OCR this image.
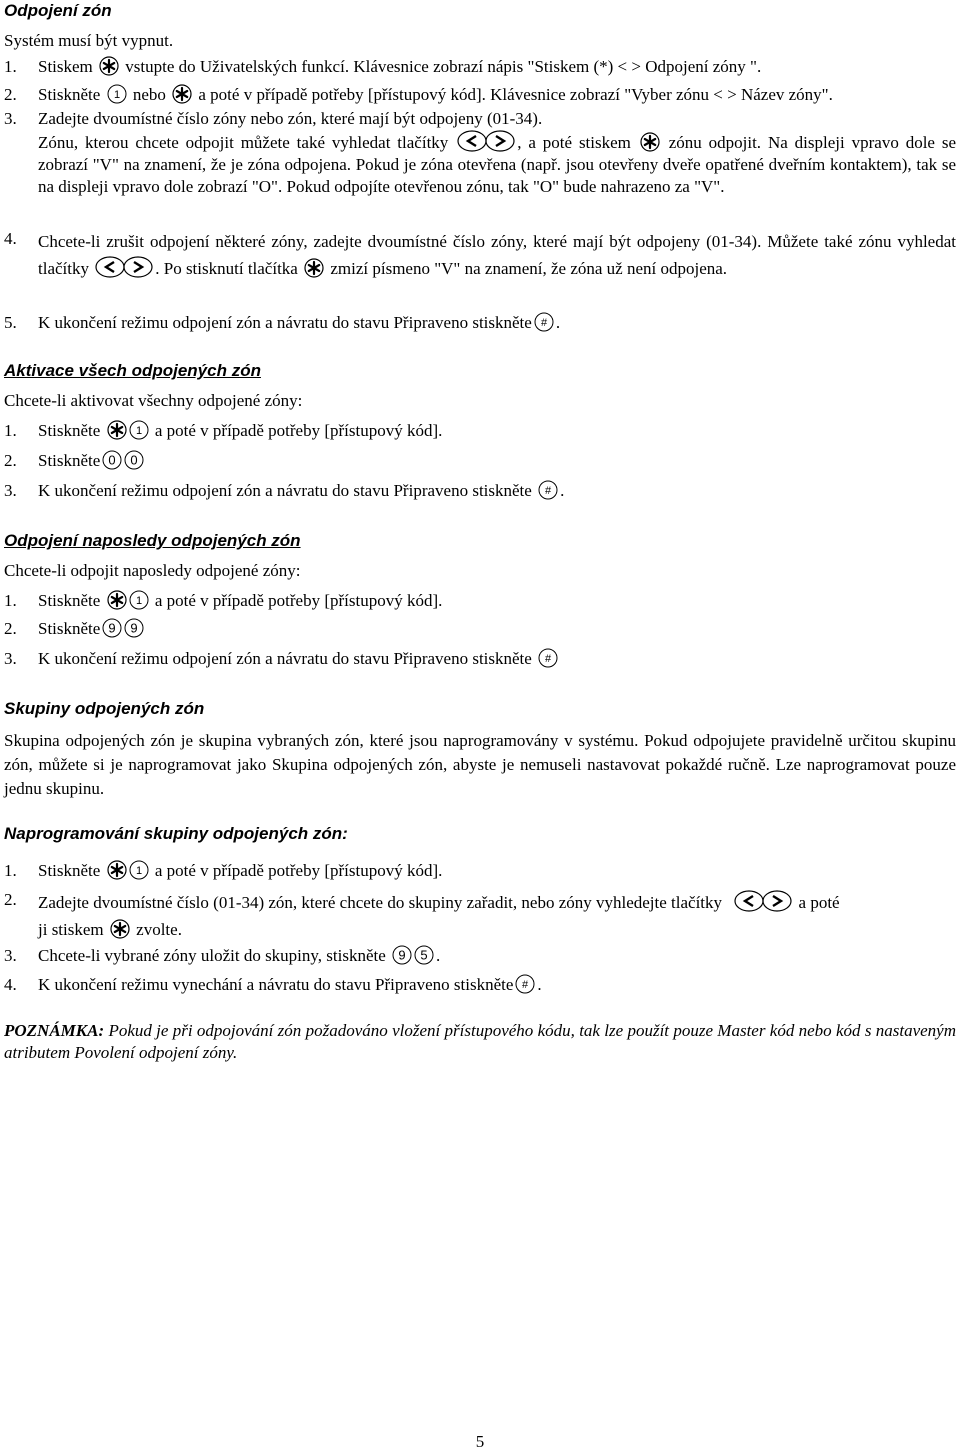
Odpojení zón
Systém musí být vypnut.
1. Stiskem vstupte do Uživatelských funkcí. Klávesnice zobrazí nápis "Stiskem (*) < > Odpojení zóny ".
2. Stiskněte 1 nebo a poté v případě potřeby [přístupový kód]. Klávesnice zobrazí "Vyber zónu < > Název zóny".
3. Zadejte dvoumístné číslo zóny nebo zón, které mají být odpojeny (01-34).
Zónu, kterou chcete odpojit můžete také vyhledat tlačítky	, a poté stiskem zónu odpojit. Na displeji vpravo dole se zobrazí "V" na znamení, že je zóna odpojena. Pokud je zóna otevřena (např. jsou otevřeny dveře opatřené dveřním kontaktem), tak se na displeji vpravo dole zobrazí "O". Pokud odpojíte otevřenou zónu, tak "O" bude nahrazeno za "V".
4. Chcete-li zrušit odpojení některé zóny, zadejte dvoumístné číslo zóny, které mají být odpojeny (01-34). Můžete také zónu vyhledat tlačítky	. Po stisknutí tlačítka zmizí písmeno "V" na znamení, že zóna už není odpojena.
5. K ukončení režimu odpojení zón a návratu do stavu Připraveno stiskněte # .
Aktivace všech odpojených zón
Chcete-li aktivovat všechny odpojené zóny:
1. Stiskněte	1 a poté v případě potřeby [přístupový kód].
2. Stiskněte 0 0
3. K ukončení režimu odpojení zón a návratu do stavu Připraveno stiskněte # .
Odpojení naposledy odpojených zón
Chcete-li odpojit naposledy odpojené zóny:
1. Stiskněte	1 a poté v případě potřeby [přístupový kód].
2. Stiskněte 9 9
3. K ukončení režimu odpojení zón a návratu do stavu Připraveno stiskněte #
Skupiny odpojených zón
Skupina odpojených zón je skupina vybraných zón, které jsou naprogramovány v systému. Pokud odpojujete pravidelně určitou skupinu zón, můžete si je naprogramovat jako Skupina odpojených zón, abyste je nemuseli nastavovat pokaždé ručně. Lze naprogramovat pouze jednu skupinu.
Naprogramování skupiny odpojených zón:
1. Stiskněte	1 a poté v případě potřeby [přístupový kód].
2. Zadejte dvoumístné číslo (01-34) zón, které chcete do skupiny zařadit, nebo zóny vyhledejte tlačítky	a poté
ji stiskem zvolte.
3. Chcete-li vybrané zóny uložit do skupiny, stiskněte 9 5 .
4. K ukončení režimu vynechání a návratu do stavu Připraveno stiskněte # .
POZNÁMKA: Pokud je při odpojování zón požadováno vložení přístupového kódu, tak lze použít pouze Master kód nebo kód s nastaveným atributem Povolení odpojení zóny.
5
